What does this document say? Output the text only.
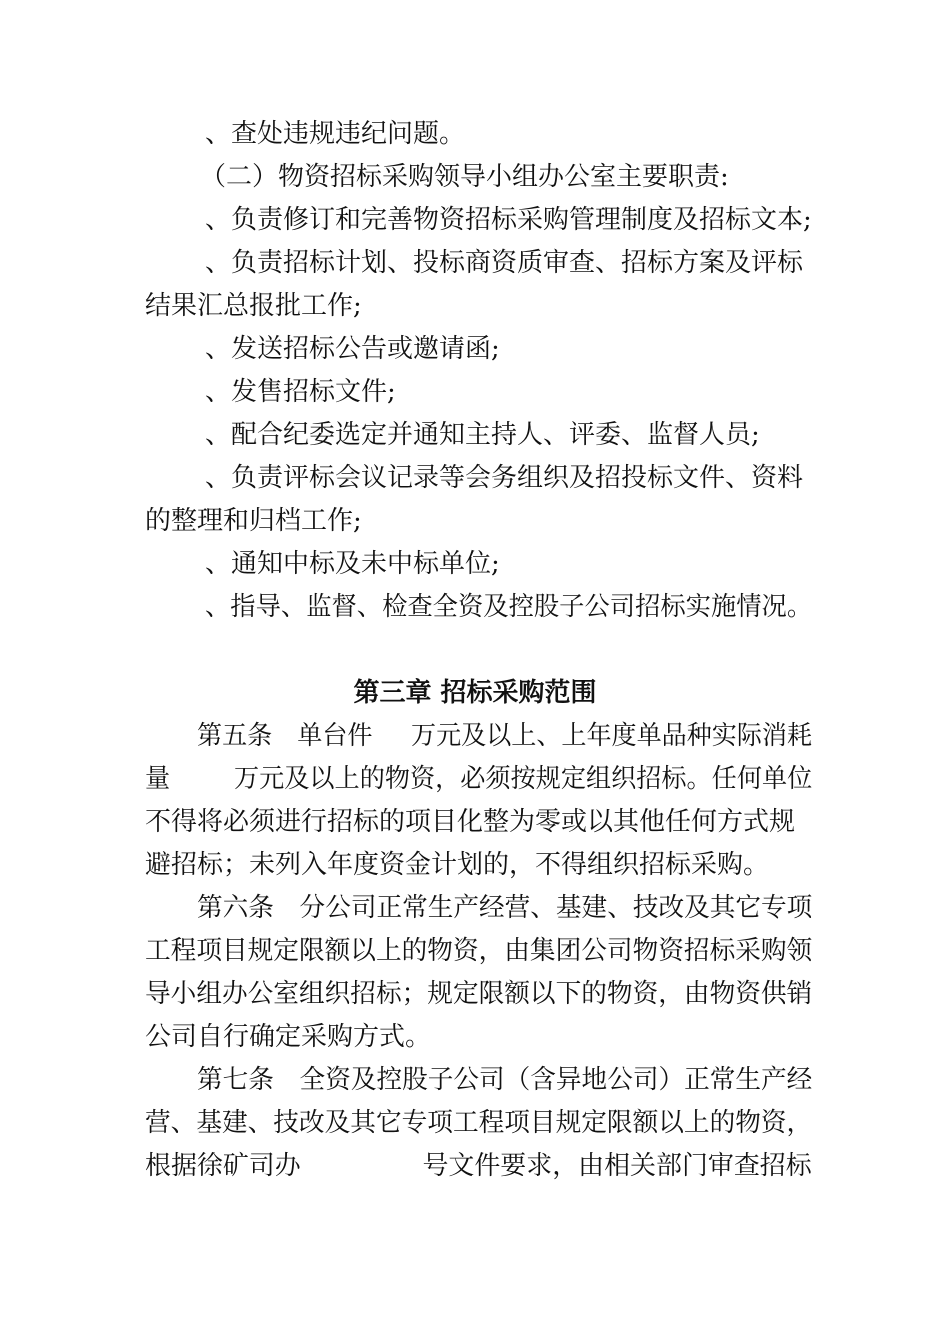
、查处违规违纪问题。
（二）物资招标采购领导小组办公室主要职责:
、负责修订和完善物资招标采购管理制度及招标文本;
、负责招标计划、投标商资质审查、招标方案及评标
结果汇总报批工作;
、发送招标公告或邀请函;
、发售招标文件;
、配合纪委选定并通知主持人、评委、监督人员;
、负责评标会议记录等会务组织及招投标文件、资料
的整理和归档工作;
、通知中标及未中标单位;
、指导、监督、检查全资及控股子公司招标实施情况。
第三章 招标采购范围
第五条 单台件 万元及以上、上年度单品种实际消耗
量 万元及以上的物资，必须按规定组织招标。任何单位
不得将必须进行招标的项目化整为零或以其他任何方式规
避招标；未列入年度资金计划的，不得组织招标采购。
第六条 分公司正常生产经营、基建、技改及其它专项
工程项目规定限额以上的物资，由集团公司物资招标采购领
导小组办公室组织招标；规定限额以下的物资，由物资供销
公司自行确定采购方式。
第七条 全资及控股子公司（含异地公司）正常生产经
营、基建、技改及其它专项工程项目规定限额以上的物资，
根据徐矿司办	号文件要求，由相关部门审查招标
